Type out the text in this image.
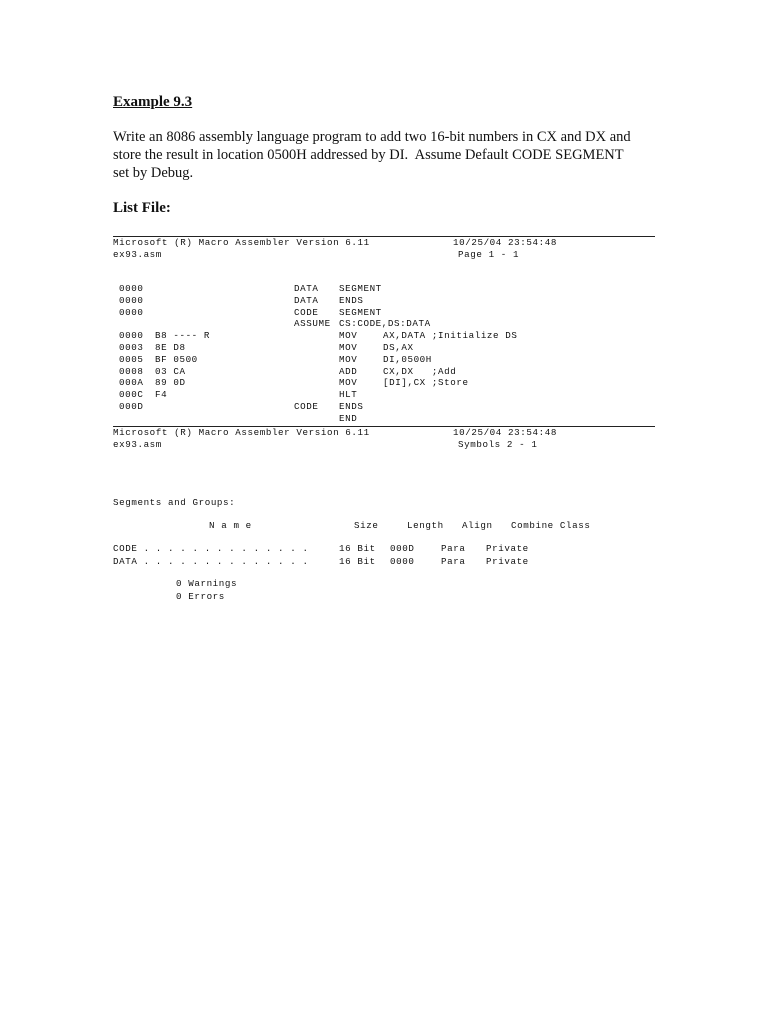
Example 9.3
Write an 8086 assembly language program to add two 16-bit numbers in CX and DX and
store the result in location 0500H addressed by DI.  Assume Default CODE SEGMENT
set by Debug.
List File:
Microsoft (R) Macro Assembler Version 6.11	10/25/04 23:54:48
ex93.asm	Page 1 - 1
0000	DATA SEGMENT
0000	DATA ENDS
0000	CODE SEGMENT
ASSUME CS:CODE,DS:DATA
0000 B8 ---- R	MOV	AX,DATA ;Initialize DS
0003 8E D8	MOV	DS,AX
0005 BF 0500	MOV	DI,0500H
0008 03 CA	ADD	CX,DX   ;Add
000A 89 0D	MOV	[DI],CX ;Store
000C F4	HLT
000D	CODE ENDS
END
Microsoft (R) Macro Assembler Version 6.11	10/25/04 23:54:48
ex93.asm	Symbols 2 - 1
Segments and Groups:
N a m e	Size	Length Align Combine Class
CODE . . . . . . . . . . . . . .	16 Bit 000D	Para Private
DATA . . . . . . . . . . . . . .	16 Bit 0000	Para Private
0 Warnings
0 Errors
